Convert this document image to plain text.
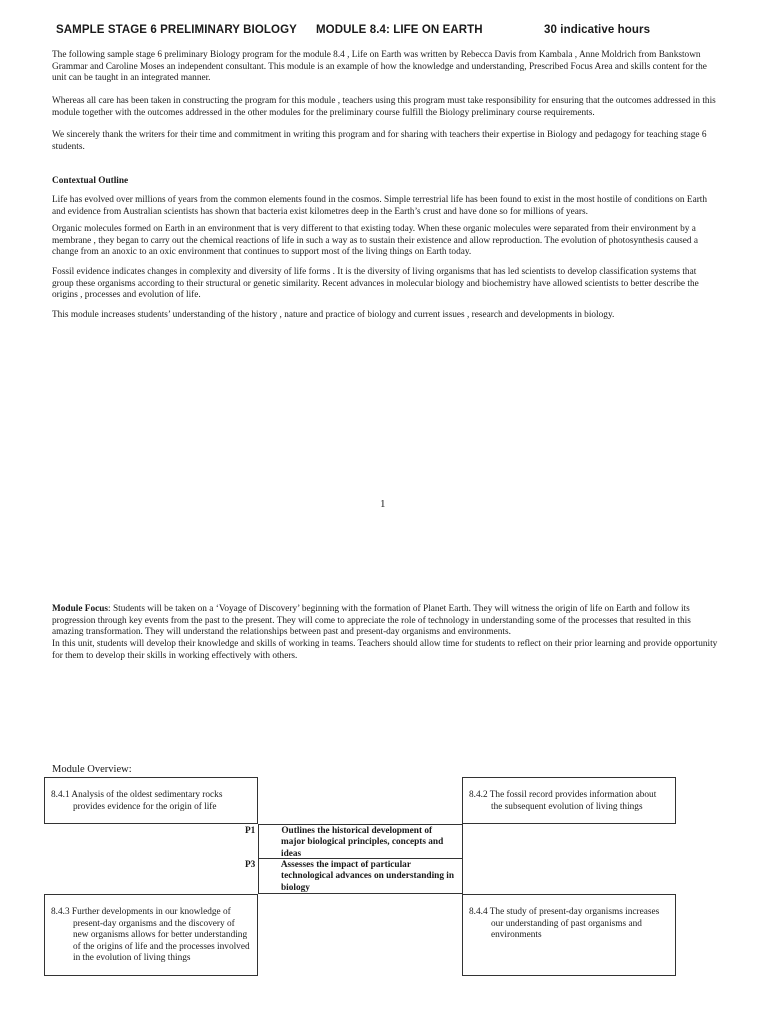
SAMPLE STAGE 6 PRELIMINARY BIOLOGY MODULE 8.4: LIFE ON EARTH	30 indicative hours

The following sample stage 6 preliminary Biology program for the module 8.4 , Life on Earth was written by Rebecca Davis from Kambala , Anne Moldrich from Bankstown Grammar and Caroline Moses an independent consultant. This module is an example of how the knowledge and understanding, Prescribed Focus Area and skills content for the unit can be taught in an integrated manner.

Whereas all care has been taken in constructing the program for this module , teachers using this program must take responsibility for ensuring that the outcomes addressed in this module together with the outcomes addressed in the other modules for the preliminary course fulfill the Biology preliminary course requirements.

We sincerely thank the writers for their time and commitment in writing this program and for sharing with teachers their expertise in Biology and pedagogy for teaching stage 6 students.

Contextual Outline

Life has evolved over millions of years from the common elements found in the cosmos. Simple terrestrial life has been found to exist in the most hostile of conditions on Earth and evidence from Australian scientists has shown that bacteria exist kilometres deep in the Earth’s crust and have done so for millions of years.

Organic molecules formed on Earth in an environment that is very different to that existing today. When these organic molecules were separated from their environment by a membrane , they began to carry out the chemical reactions of life in such a way as to sustain their existence and allow reproduction. The evolution of photosynthesis caused a change from an anoxic to an oxic environment that continues to support most of the living things on Earth today.

Fossil evidence indicates changes in complexity and diversity of life forms . It is the diversity of living organisms that has led scientists to develop classification systems that group these organisms according to their structural or genetic similarity. Recent advances in molecular biology and biochemistry have allowed scientists to better describe the origins , processes and evolution of life.

This module increases students’ understanding of the history , nature and practice of biology and current issues , research and developments in biology.

1

Module Focus: Students will be taken on a ‘Voyage of Discovery’ beginning with the formation of Planet Earth. They will witness the origin of life on Earth and follow its progression through key events from the past to the present. They will come to appreciate the role of technology in understanding some of the processes that resulted in this amazing transformation. They will understand the relationships between past and present-day organisms and environments.

In this unit, students will develop their knowledge and skills of working in teams. Teachers should allow time for students to reflect on their prior learning and provide opportunity for them to develop their skills in working effectively with others.

Module Overview:

8.4.1 Analysis of the oldest sedimentary rocks provides evidence for the origin of life

8.4.2 The fossil record provides information about the subsequent evolution of living things

P1	Outlines the historical development of major biological principles, concepts and ideas
P3	Assesses the impact of particular technological advances on understanding in biology

8.4.3 Further developments in our knowledge of present-day organisms and the discovery of new organisms allows for better understanding of the origins of life and the processes involved in the evolution of living things

8.4.4 The study of present-day organisms increases our understanding of past organisms and environments
